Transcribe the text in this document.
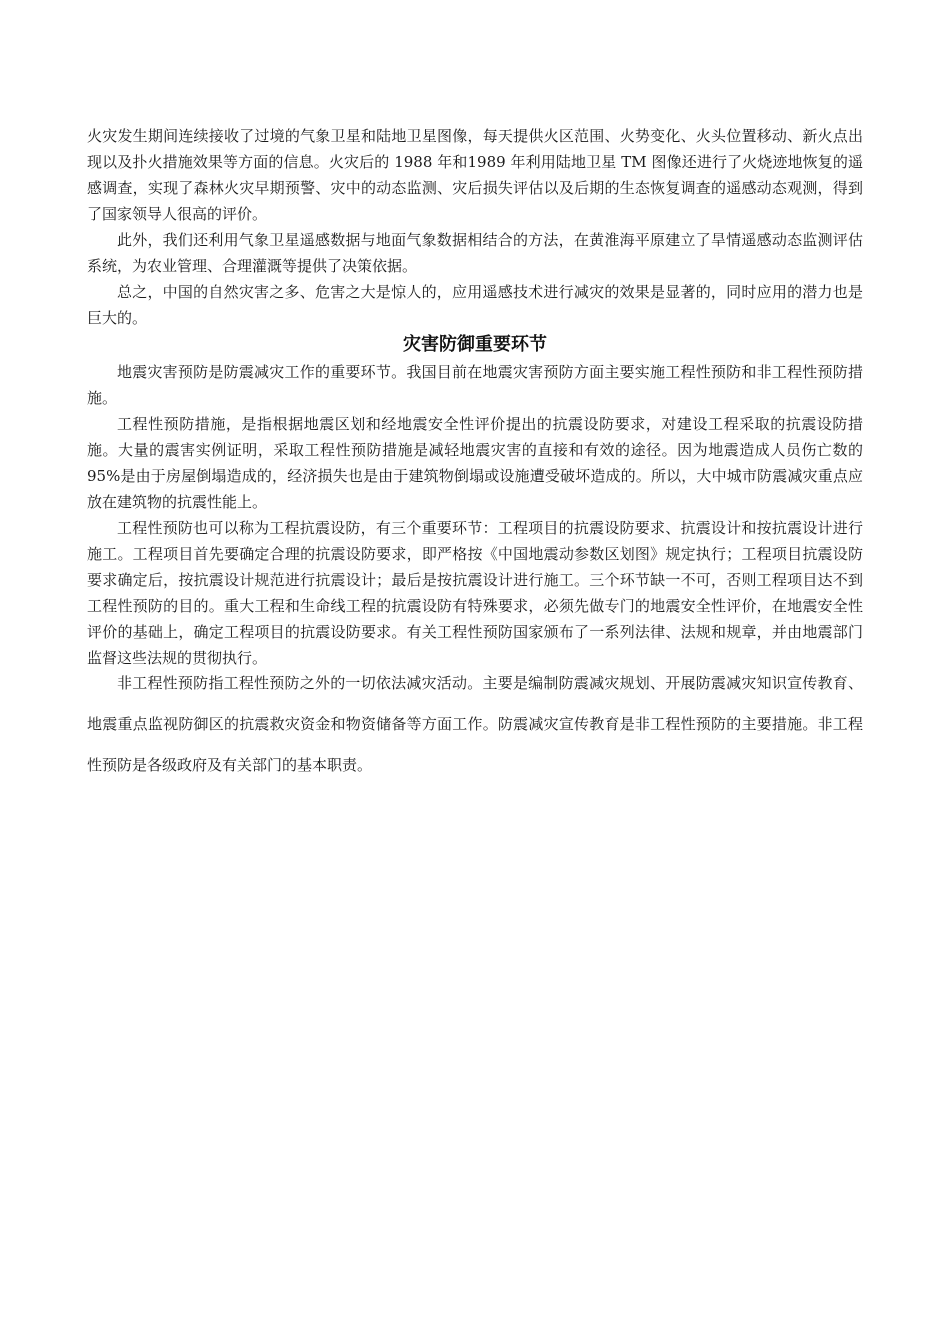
火灾发生期间连续接收了过境的气象卫星和陆地卫星图像，每天提供火区范围、火势变化、火头位置移动、新火点出现以及扑火措施效果等方面的信息。火灾后的 1988 年和1989 年利用陆地卫星 TM 图像还进行了火烧迹地恢复的遥感调查，实现了森林火灾早期预警、灾中的动态监测、灾后损失评估以及后期的生态恢复调查的遥感动态观测，得到了国家领导人很高的评价。

此外，我们还利用气象卫星遥感数据与地面气象数据相结合的方法，在黄淮海平原建立了旱情遥感动态监测评估系统，为农业管理、合理灌溉等提供了决策依据。

总之，中国的自然灾害之多、危害之大是惊人的，应用遥感技术进行减灾的效果是显著的，同时应用的潜力也是巨大的。

灾害防御重要环节

地震灾害预防是防震减灾工作的重要环节。我国目前在地震灾害预防方面主要实施工程性预防和非工程性预防措施。

工程性预防措施，是指根据地震区划和经地震安全性评价提出的抗震设防要求，对建设工程采取的抗震设防措施。大量的震害实例证明，采取工程性预防措施是减轻地震灾害的直接和有效的途径。因为地震造成人员伤亡数的 95%是由于房屋倒塌造成的，经济损失也是由于建筑物倒塌或设施遭受破坏造成的。所以，大中城市防震减灾重点应放在建筑物的抗震性能上。

工程性预防也可以称为工程抗震设防，有三个重要环节：工程项目的抗震设防要求、抗震设计和按抗震设计进行施工。工程项目首先要确定合理的抗震设防要求，即严格按《中国地震动参数区划图》规定执行；工程项目抗震设防要求确定后，按抗震设计规范进行抗震设计；最后是按抗震设计进行施工。三个环节缺一不可，否则工程项目达不到工程性预防的目的。重大工程和生命线工程的抗震设防有特殊要求，必须先做专门的地震安全性评价，在地震安全性评价的基础上，确定工程项目的抗震设防要求。有关工程性预防国家颁布了一系列法律、法规和规章，并由地震部门监督这些法规的贯彻执行。

非工程性预防指工程性预防之外的一切依法减灾活动。主要是编制防震减灾规划、开展防震减灾知识宣传教育、地震重点监视防御区的抗震救灾资金和物资储备等方面工作。防震减灾宣传教育是非工程性预防的主要措施。非工程性预防是各级政府及有关部门的基本职责。
